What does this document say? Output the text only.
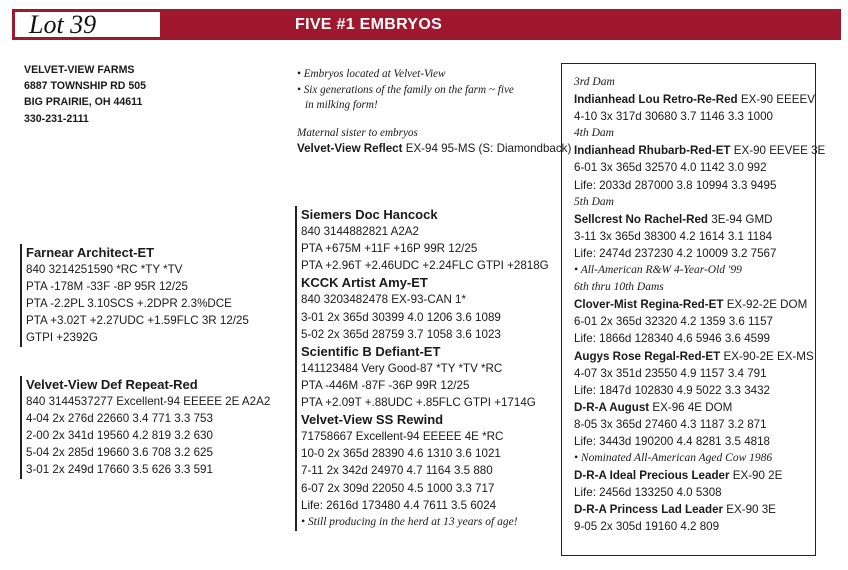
Lot 39	FIVE #1 EMBRYOS
VELVET-VIEW FARMS
6887 TOWNSHIP RD 505
BIG PRAIRIE, OH 44611
330-231-2111
Farnear Architect-ET
840 3214251590 *RC *TY *TV
PTA -178M -33F -8P 95R 12/25
PTA -2.2PL 3.10SCS +.2DPR 2.3%DCE
PTA +3.02T +2.27UDC +1.59FLC 3R 12/25
GTPI +2392G
Velvet-View Def Repeat-Red
840 3144537277 Excellent-94 EEEEE 2E A2A2
4-04 2x 276d 22660 3.4 771 3.3 753
2-00 2x 341d 19560 4.2 819 3.2 630
5-04 2x 285d 19660 3.6 708 3.2 625
3-01 2x 249d 17660 3.5 626 3.3 591
• Embryos located at Velvet-View
• Six generations of the family on the farm ~ five
in milking form!
Maternal sister to embryos
Velvet-View Reflect EX-94 95-MS (S: Diamondback)
Siemers Doc Hancock
840 3144882821 A2A2
PTA +675M +11F +16P 99R 12/25
PTA +2.96T +2.46UDC +2.24FLC GTPI +2818G
KCCK Artist Amy-ET
840 3203482478 EX-93-CAN 1*
3-01 2x 365d 30399 4.0 1206 3.6 1089
5-02 2x 365d 28759 3.7 1058 3.6 1023
Scientific B Defiant-ET
141123484 Very Good-87 *TY *TV *RC
PTA -446M -87F -36P 99R 12/25
PTA +2.09T +.88UDC +.85FLC GTPI +1714G
Velvet-View SS Rewind
71758667 Excellent-94 EEEEE 4E *RC
10-0 2x 365d 28390 4.6 1310 3.6 1021
7-11 2x 342d 24970 4.7 1164 3.5 880
6-07 2x 309d 22050 4.5 1000 3.3 717
Life: 2616d 173480 4.4 7611 3.5 6024
• Still producing in the herd at 13 years of age!
3rd Dam
Indianhead Lou Retro-Re-Red EX-90 EEEEV
4-10 3x 317d 30680 3.7 1146 3.3 1000
4th Dam
Indianhead Rhubarb-Red-ET EX-90 EEVEE 3E
6-01 3x 365d 32570 4.0 1142 3.0 992
Life: 2033d 287000 3.8 10994 3.3 9495
5th Dam
Sellcrest No Rachel-Red 3E-94 GMD
3-11 3x 365d 38300 4.2 1614 3.1 1184
Life: 2474d 237230 4.2 10009 3.2 7567
• All-American R&W 4-Year-Old '99
6th thru 10th Dams
Clover-Mist Regina-Red-ET EX-92-2E DOM
6-01 2x 365d 32320 4.2 1359 3.6 1157
Life: 1866d 128340 4.6 5946 3.6 4599
Augys Rose Regal-Red-ET EX-90-2E EX-MS
4-07 3x 351d 23550 4.9 1157 3.4 791
Life: 1847d 102830 4.9 5022 3.3 3432
D-R-A August EX-96 4E DOM
8-05 3x 365d 27460 4.3 1187 3.2 871
Life: 3443d 190200 4.4 8281 3.5 4818
• Nominated All-American Aged Cow 1986
D-R-A Ideal Precious Leader EX-90 2E
Life: 2456d 133250 4.0 5308
D-R-A Princess Lad Leader EX-90 3E
9-05 2x 305d 19160 4.2 809
